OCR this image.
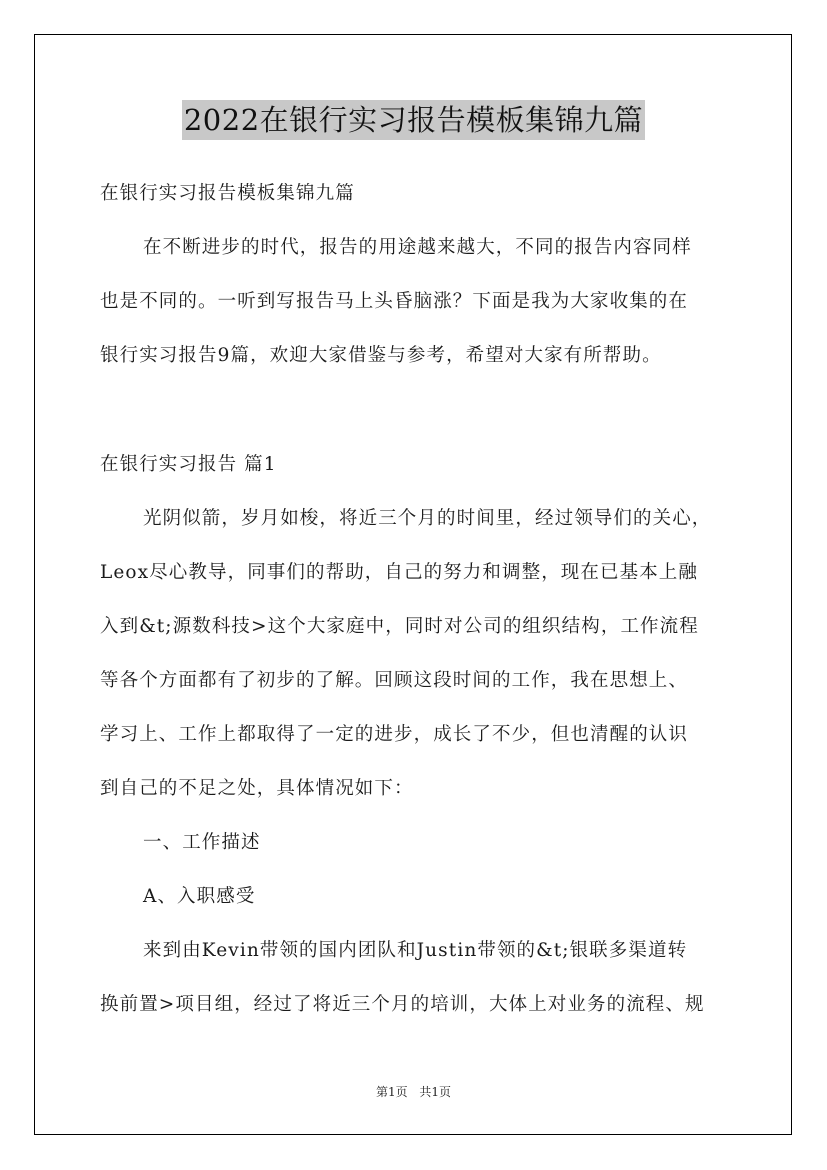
2022在银行实习报告模板集锦九篇
在银行实习报告模板集锦九篇
在不断进步的时代，报告的用途越来越大，不同的报告内容同样
也是不同的。一听到写报告马上头昏脑涨？下面是我为大家收集的在
银行实习报告9篇，欢迎大家借鉴与参考，希望对大家有所帮助。
在银行实习报告 篇1
光阴似箭，岁月如梭，将近三个月的时间里，经过领导们的关心，
Leox尽心教导，同事们的帮助，自己的努力和调整，现在已基本上融
入到&t;源数科技>这个大家庭中，同时对公司的组织结构，工作流程
等各个方面都有了初步的了解。回顾这段时间的工作，我在思想上、
学习上、工作上都取得了一定的进步，成长了不少，但也清醒的认识
到自己的不足之处，具体情况如下：
一、工作描述
A、入职感受
来到由Kevin带领的国内团队和Justin带领的&t;银联多渠道转
换前置>项目组，经过了将近三个月的培训，大体上对业务的流程、规
第1页 共1页
